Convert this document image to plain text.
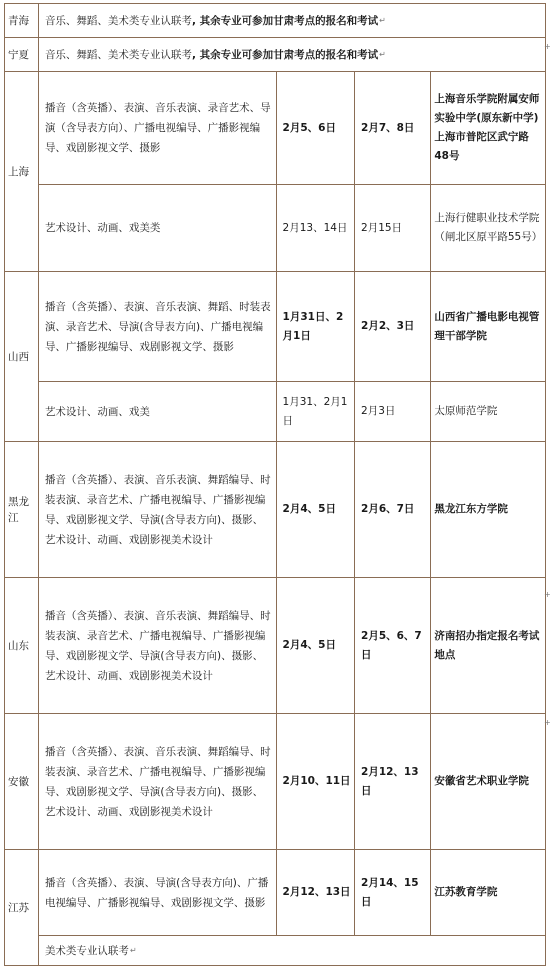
青海	音乐、舞蹈、美术类专业认联考, 其余专业可参加甘肃考点的报名和考试↵			
宁夏	音乐、舞蹈、美术类专业认联考, 其余专业可参加甘肃考点的报名和考试↵			
上海	播音（含英播）、表演、音乐表演、录音艺术、导演（含导表方向）、广播电视编导、广播影视编导、戏剧影视文学、摄影	2月5、6日	2月7、8日	上海音乐学院附属安师实验中学(原东新中学)上海市普陀区武宁路48号
	艺术设计、动画、戏美类	2月13、14日	2月15日	上海行健职业技术学院（闸北区原平路55号）
山西	播音（含英播）、表演、音乐表演、舞蹈、时装表演、录音艺术、导演(含导表方向)、广播电视编导、广播影视编导、戏剧影视文学、摄影	1月31日、2月1日	2月2、3日	山西省广播电影电视管理干部学院
	艺术设计、动画、戏美	1月31、2月1日	2月3日	太原师范学院
黑龙江	播音（含英播）、表演、音乐表演、舞蹈编导、时装表演、录音艺术、广播电视编导、广播影视编导、戏剧影视文学、导演(含导表方向)、摄影、艺术设计、动画、戏剧影视美术设计	2月4、5日	2月6、7日	黑龙江东方学院
山东	播音（含英播）、表演、音乐表演、舞蹈编导、时装表演、录音艺术、广播电视编导、广播影视编导、戏剧影视文学、导演(含导表方向)、摄影、艺术设计、动画、戏剧影视美术设计	2月4、5日	2月5、6、7日	济南招办指定报名考试地点
安徽	播音（含英播）、表演、音乐表演、舞蹈编导、时装表演、录音艺术、广播电视编导、广播影视编导、戏剧影视文学、导演(含导表方向)、摄影、艺术设计、动画、戏剧影视美术设计	2月10、11日	2月12、13日	安徽省艺术职业学院
江苏	播音（含英播）、表演、导演(含导表方向)、广播电视编导、广播影视编导、戏剧影视文学、摄影	2月12、13日	2月14、15日	江苏教育学院
	美术类专业认联考↵			
+
+
+
